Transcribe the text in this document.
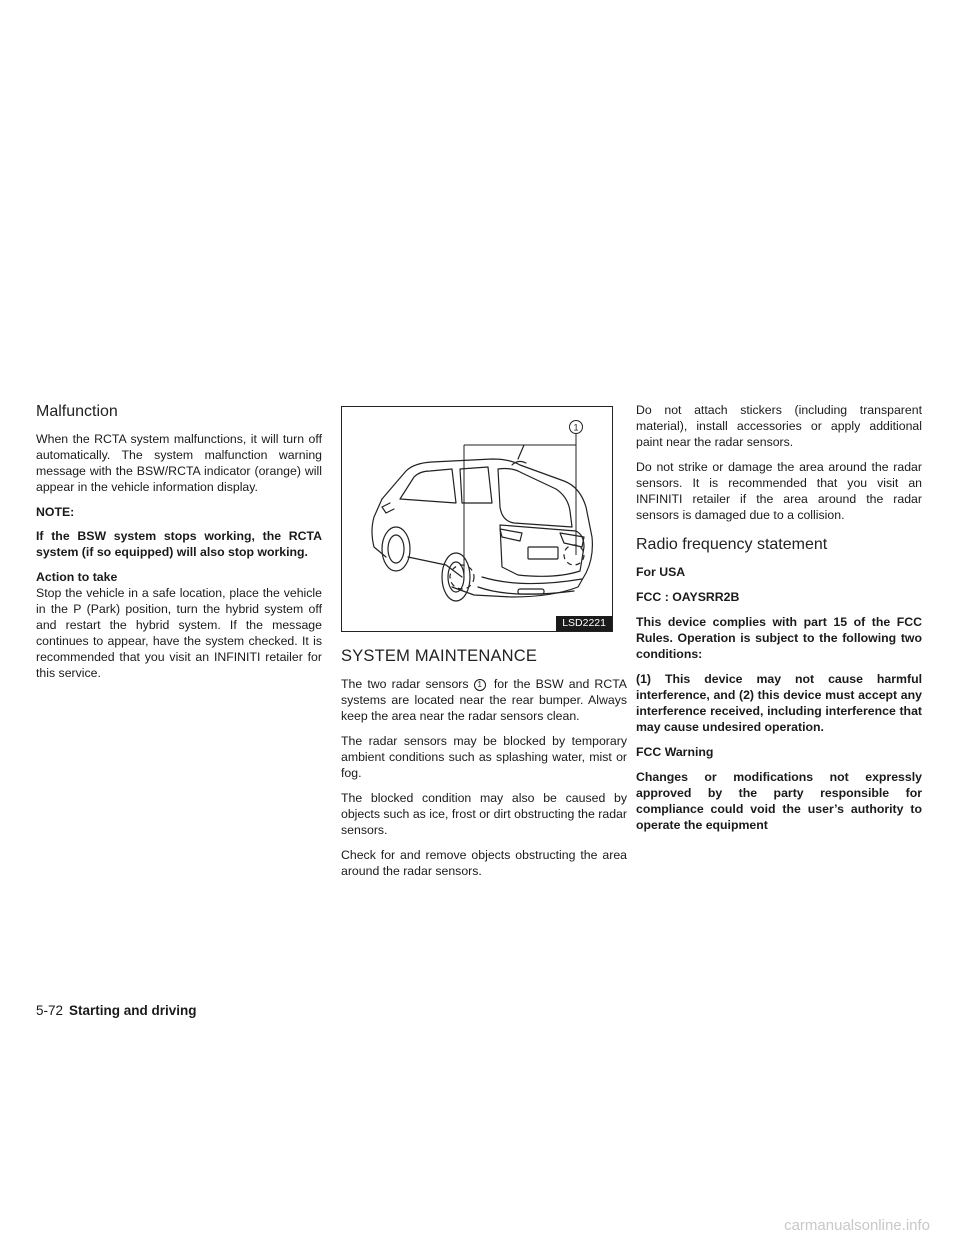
Malfunction

When the RCTA system malfunctions, it will turn off automatically. The system malfunction warning message with the BSW/RCTA indicator (orange) will appear in the vehicle information display.

NOTE:

If the BSW system stops working, the RCTA system (if so equipped) will also stop working.

Action to take

Stop the vehicle in a safe location, place the vehicle in the P (Park) position, turn the hybrid system off and restart the hybrid system. If the message continues to appear, have the system checked. It is recommended that you visit an INFINITI retailer for this service.

1
LSD2221
SYSTEM MAINTENANCE

The two radar sensors 1 for the BSW and RCTA systems are located near the rear bumper. Always keep the area near the radar sensors clean.

The radar sensors may be blocked by temporary ambient conditions such as splashing water, mist or fog.

The blocked condition may also be caused by objects such as ice, frost or dirt obstructing the radar sensors.

Check for and remove objects obstructing the area around the radar sensors.

Do not attach stickers (including transparent material), install accessories or apply additional paint near the radar sensors.

Do not strike or damage the area around the radar sensors. It is recommended that you visit an INFINITI retailer if the area around the radar sensors is damaged due to a collision.

Radio frequency statement

For USA

FCC : OAYSRR2B

This device complies with part 15 of the FCC Rules. Operation is subject to the following two conditions:

(1) This device may not cause harmful interference, and (2) this device must accept any interference received, including interference that may cause undesired operation.

FCC Warning

Changes or modifications not expressly approved by the party responsible for compliance could void the user’s authority to operate the equipment

5-72 Starting and driving
carmanualsonline.info
